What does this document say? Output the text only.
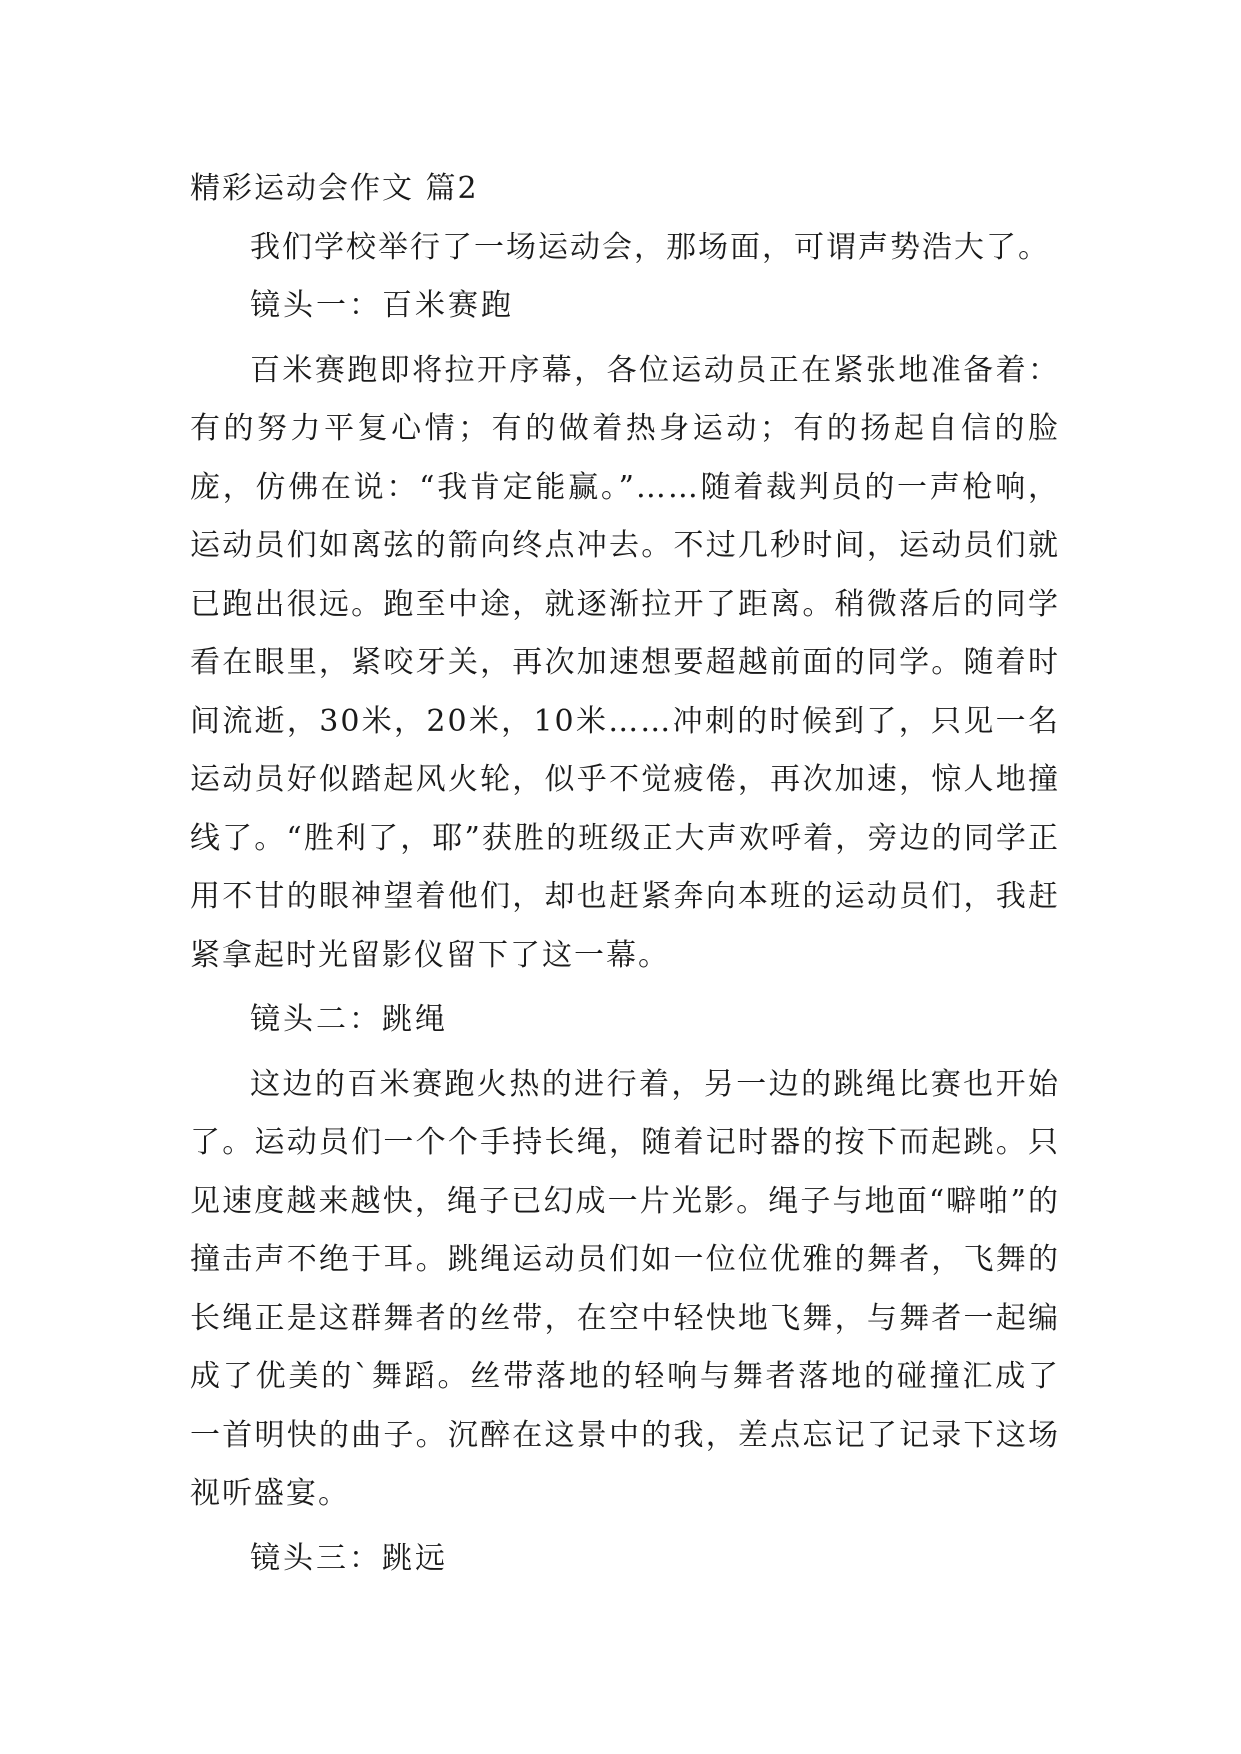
精彩运动会作文 篇2

我们学校举行了一场运动会，那场面，可谓声势浩大了。

镜头一：百米赛跑

百米赛跑即将拉开序幕，各位运动员正在紧张地准备着：有的努力平复心情；有的做着热身运动；有的扬起自信的脸庞，仿佛在说：“我肯定能赢。”……随着裁判员的一声枪响，运动员们如离弦的箭向终点冲去。不过几秒时间，运动员们就已跑出很远。跑至中途，就逐渐拉开了距离。稍微落后的同学看在眼里，紧咬牙关，再次加速想要超越前面的同学。随着时间流逝，30米，20米，10米……冲刺的时候到了，只见一名运动员好似踏起风火轮，似乎不觉疲倦，再次加速，惊人地撞线了。“胜利了，耶”获胜的班级正大声欢呼着，旁边的同学正用不甘的眼神望着他们，却也赶紧奔向本班的运动员们，我赶紧拿起时光留影仪留下了这一幕。

镜头二：跳绳

这边的百米赛跑火热的进行着，另一边的跳绳比赛也开始了。运动员们一个个手持长绳，随着记时器的按下而起跳。只见速度越来越快，绳子已幻成一片光影。绳子与地面“噼啪”的撞击声不绝于耳。跳绳运动员们如一位位优雅的舞者，飞舞的长绳正是这群舞者的丝带，在空中轻快地飞舞，与舞者一起编成了优美的`舞蹈。丝带落地的轻响与舞者落地的碰撞汇成了一首明快的曲子。沉醉在这景中的我，差点忘记了记录下这场视听盛宴。

镜头三：跳远
